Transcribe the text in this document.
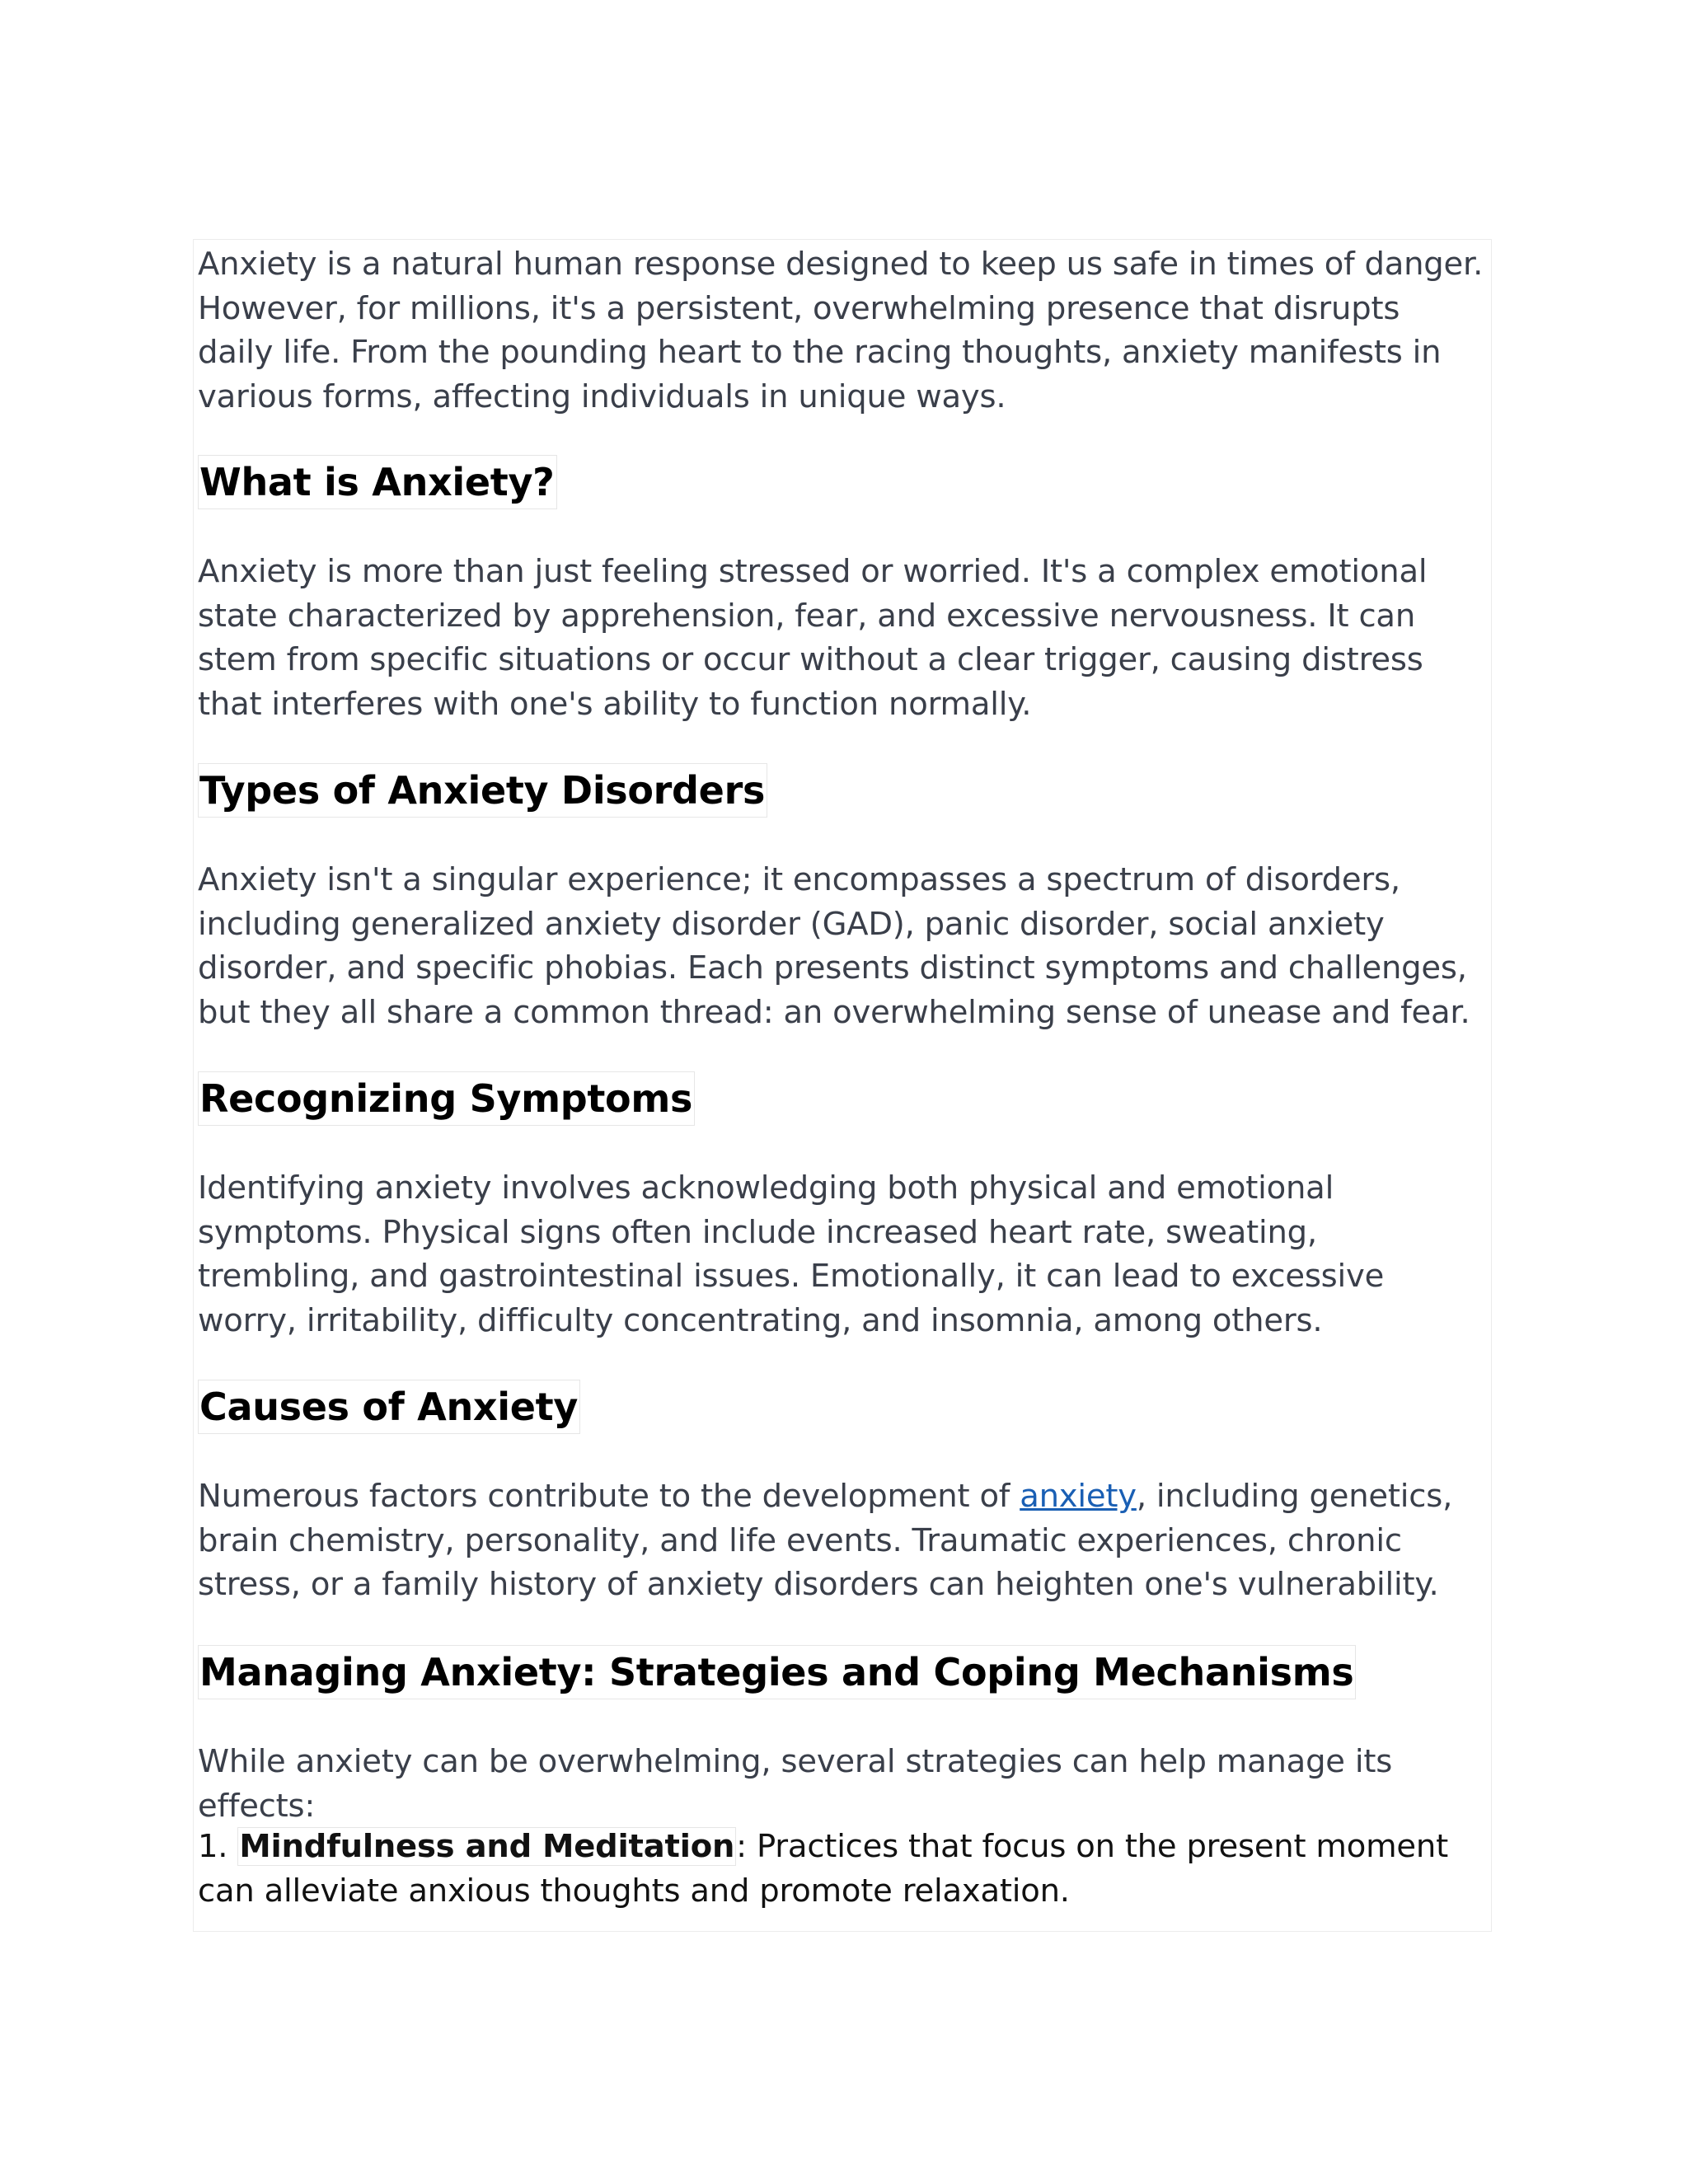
Anxiety is a natural human response designed to keep us safe in times of danger. However, for millions, it's a persistent, overwhelming presence that disrupts daily life. From the pounding heart to the racing thoughts, anxiety manifests in various forms, affecting individuals in unique ways.

What is Anxiety?

Anxiety is more than just feeling stressed or worried. It's a complex emotional state characterized by apprehension, fear, and excessive nervousness. It can stem from specific situations or occur without a clear trigger, causing distress that interferes with one's ability to function normally.

Types of Anxiety Disorders

Anxiety isn't a singular experience; it encompasses a spectrum of disorders, including generalized anxiety disorder (GAD), panic disorder, social anxiety disorder, and specific phobias. Each presents distinct symptoms and challenges, but they all share a common thread: an overwhelming sense of unease and fear.

Recognizing Symptoms

Identifying anxiety involves acknowledging both physical and emotional symptoms. Physical signs often include increased heart rate, sweating, trembling, and gastrointestinal issues. Emotionally, it can lead to excessive worry, irritability, difficulty concentrating, and insomnia, among others.

Causes of Anxiety

Numerous factors contribute to the development of anxiety, including genetics, brain chemistry, personality, and life events. Traumatic experiences, chronic stress, or a family history of anxiety disorders can heighten one's vulnerability.

Managing Anxiety: Strategies and Coping Mechanisms

While anxiety can be overwhelming, several strategies can help manage its effects:

1. Mindfulness and Meditation: Practices that focus on the present moment can alleviate anxious thoughts and promote relaxation.
